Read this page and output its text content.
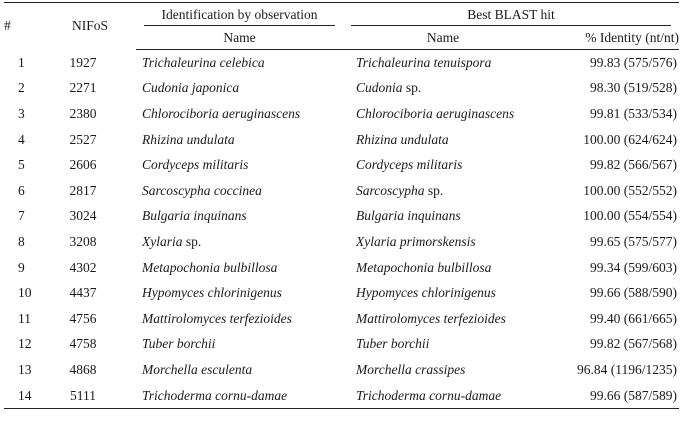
#	NIFoS	Identification by observation	Best BLAST hit	

		Name	Name	% Identity (nt/nt)
1	1927	Trichaleurina celebica	Trichaleurina tenuispora	99.83 (575/576)
2	2271	Cudonia japonica	Cudonia sp.	98.30 (519/528)
3	2380	Chlorociboria aeruginascens	Chlorociboria aeruginascens	99.81 (533/534)
4	2527	Rhizina undulata	Rhizina undulata	100.00 (624/624)
5	2606	Cordyceps militaris	Cordyceps militaris	99.82 (566/567)
6	2817	Sarcoscypha coccinea	Sarcoscypha sp.	100.00 (552/552)
7	3024	Bulgaria inquinans	Bulgaria inquinans	100.00 (554/554)
8	3208	Xylaria sp.	Xylaria primorskensis	99.65 (575/577)
9	4302	Metapochonia bulbillosa	Metapochonia bulbillosa	99.34 (599/603)
10	4437	Hypomyces chlorinigenus	Hypomyces chlorinigenus	99.66 (588/590)
11	4756	Mattirolomyces terfezioides	Mattirolomyces terfezioides	99.40 (661/665)
12	4758	Tuber borchii	Tuber borchii	99.82 (567/568)
13	4868	Morchella esculenta	Morchella crassipes	96.84 (1196/1235)
14	5111	Trichoderma cornu-damae	Trichoderma cornu-damae	99.66 (587/589)
